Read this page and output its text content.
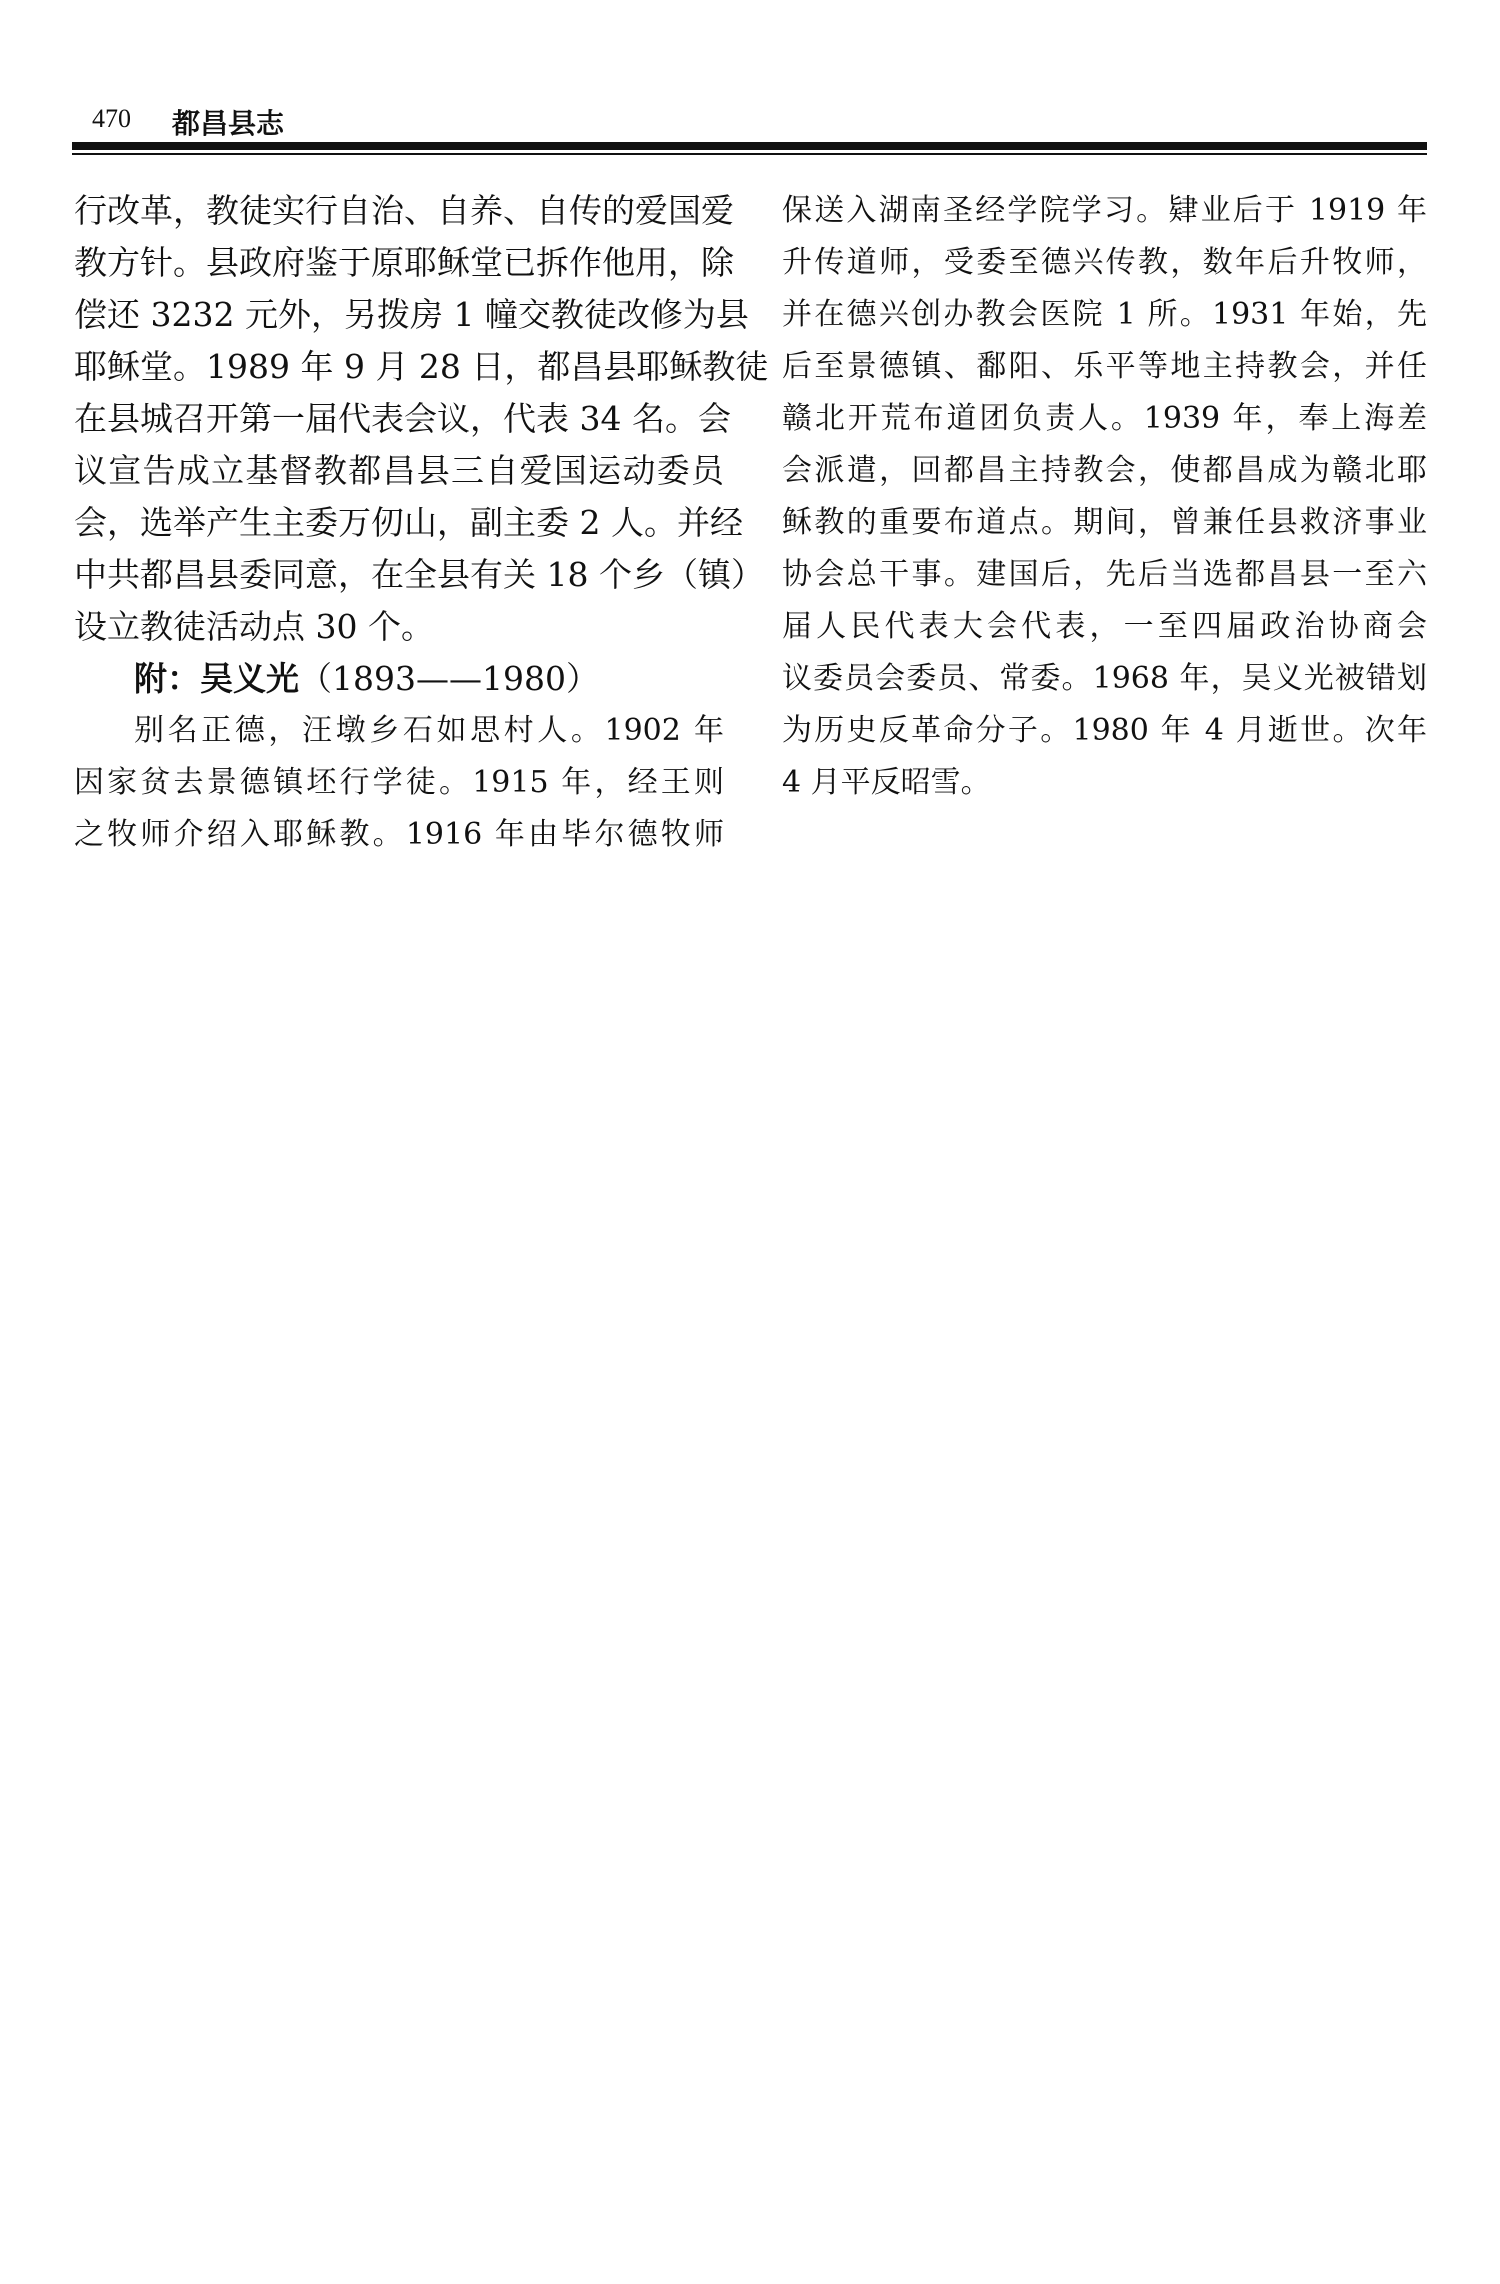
470 都昌县志
行改革，教徒实行自治、自养、自传的爱国爱
教方针。县政府鉴于原耶稣堂已拆作他用，除
偿还 3232 元外，另拨房 1 幢交教徒改修为县
耶稣堂。1989 年 9 月 28 日，都昌县耶稣教徒
在县城召开第一届代表会议，代表 34 名。会
议宣告成立基督教都昌县三自爱国运动委员
会，选举产生主委万仞山，副主委 2 人。并经
中共都昌县委同意，在全县有关 18 个乡（镇）
设立教徒活动点 30 个。
附：吴义光（1893——1980）
别名正德，汪墩乡石如思村人。1902 年
因家贫去景德镇坯行学徒。1915 年，经王则
之牧师介绍入耶稣教。1916 年由毕尔德牧师
保送入湖南圣经学院学习。肄业后于 1919 年
升传道师，受委至德兴传教，数年后升牧师，
并在德兴创办教会医院 1 所。1931 年始，先
后至景德镇、鄱阳、乐平等地主持教会，并任
赣北开荒布道团负责人。1939 年，奉上海差
会派遣，回都昌主持教会，使都昌成为赣北耶
稣教的重要布道点。期间，曾兼任县救济事业
协会总干事。建国后，先后当选都昌县一至六
届人民代表大会代表，一至四届政治协商会
议委员会委员、常委。1968 年，吴义光被错划
为历史反革命分子。1980 年 4 月逝世。次年
4 月平反昭雪。
